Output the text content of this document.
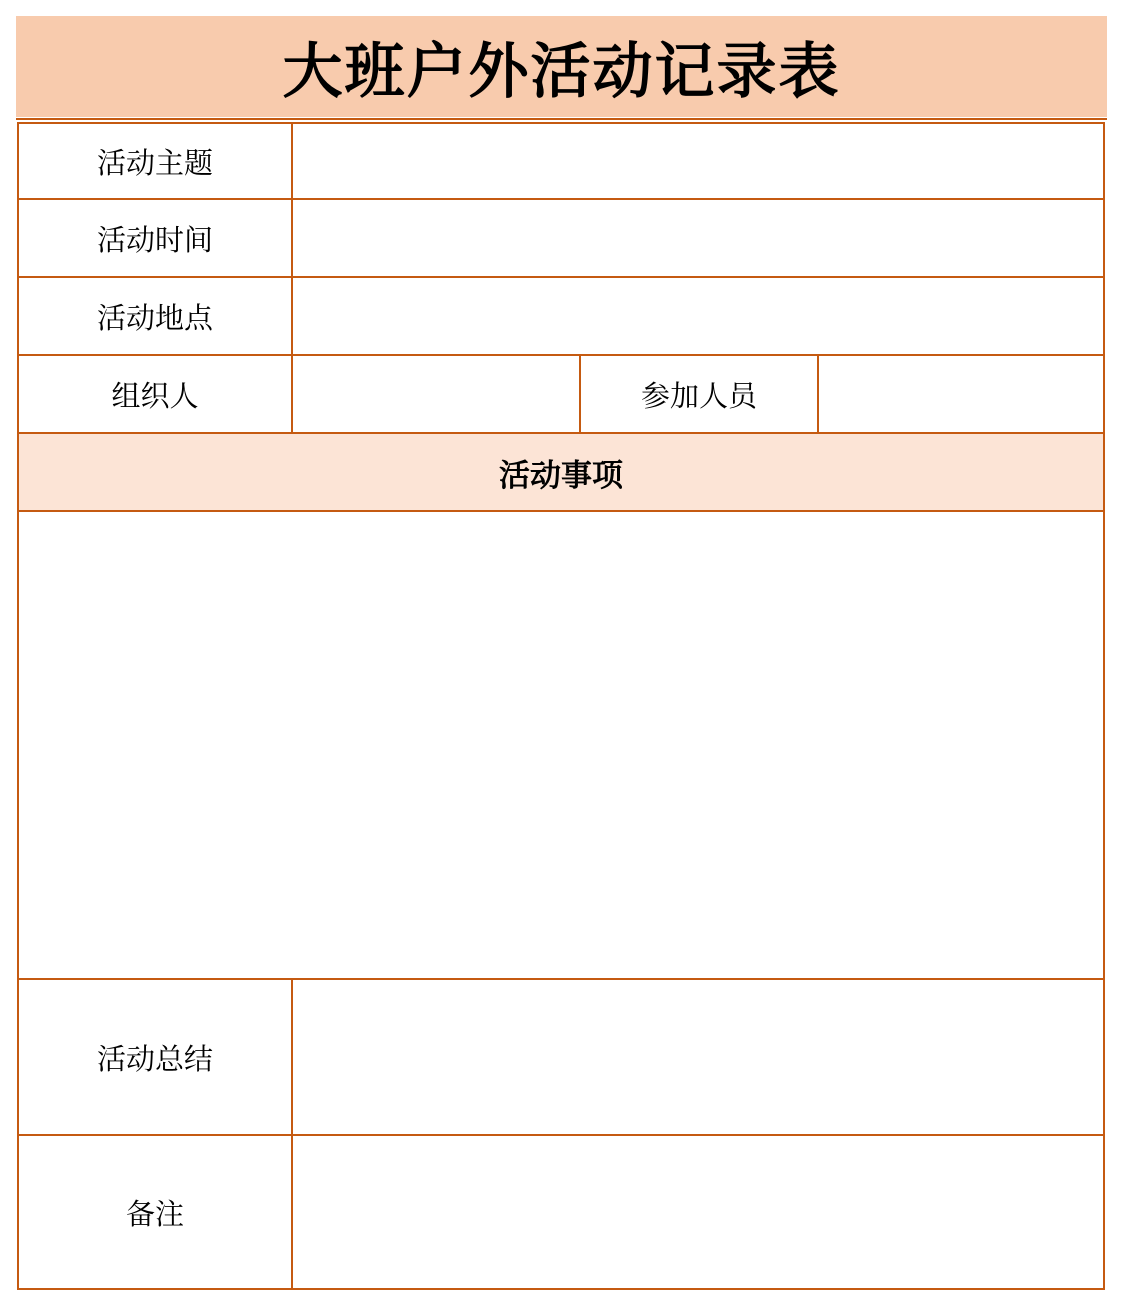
大班户外活动记录表
活动事项
活动主题
活动时间
活动地点
组织人	参加人员
活动总结
备注
